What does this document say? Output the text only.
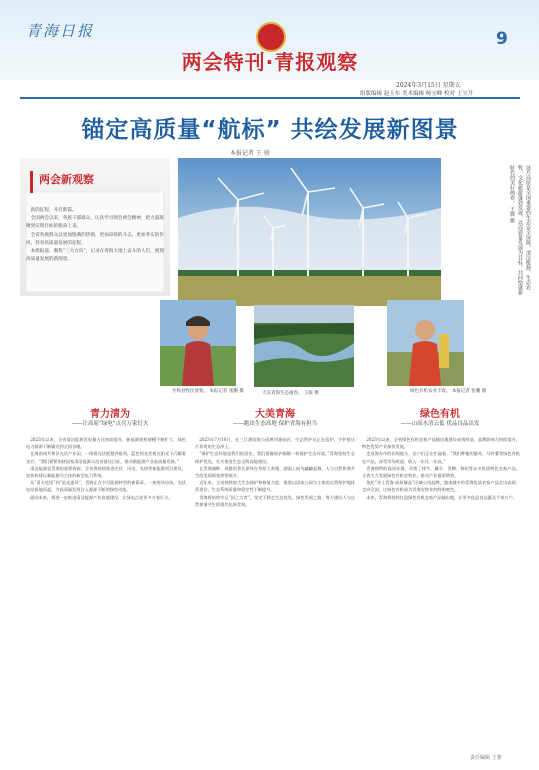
青海日报	9
两会特刊·青报观察
2024年3月15日 星期五
组版编辑 赵玉东 美术编辑 杨宝峰 校对 王宝升
锚定高质量“航标” 共绘发展新图景
本报记者 王 骏
两会新观察

新的征程，开启新篇。

全国两会以来，各族干部群众，认真学习领会两会精神，把力量凝聚到实现目标的使命上来。

全省各族群众以更加饱满的热情、更加昂扬的斗志、更加务实的作风，投身高质量发展的征程。

本组报道，聚焦“三大方向”，记录在青海大地上奋斗的人们，展现高质量发展的新图景。	这片高原是全国重要的生态安全屏障，清洁能源、生态农牧、文化旅游蓬勃发展，以高质量发展为目标，共同绘就新时代的美好画卷。 王骏 摄
共和县牧民放牧。 本报记者 张鹏 摄	大美青海生态画卷。 王骏 摄	绿色有机农业丰收。 本报记者 张鹏 摄
青力清为
——让高原“绿电”点亮万家灯火

2023年以来，全省清洁能源发电量占比持续提升，新能源装机规模不断扩大，绿色电力源源不断输送到全国各地。

在海南州共和县光伏产业园，一排排光伏板整齐排列，蓝色的光伏板在阳光下闪耀着光芒。“我们紧紧围绕国家清洁能源示范省建设目标，推动新能源产业高质量发展。”

清洁能源是青海的重要资源，全省将持续推进光伏、风电、光热等新能源项目建设，加快构建以新能源为主体的新型电力系统。

从“看天吃饭”到“追光逐风”，青海正在书写能源转型的新篇章。一座座风电场、光伏电站拔地而起，为高质量发展注入源源不断的绿色动能。

面向未来，将进一步推进清洁能源产业高地建设，让绿电点亮更多万家灯火。

大美青海
——跑出生态高地 保护青海有担当

2023年7月10日，在三江源国家公园黄河源园区，生态管护员正在巡护，守护着这片珍贵的生态净土。

“保护生态环境是我们的责任，我们要像保护眼睛一样保护生态环境。”青海坚持生态保护优先，扎实推进生态文明高地建设。

在青海湖畔，成群的普氏原羚在草原上奔跑，湖面上候鸟翩翩起舞，人与自然和谐共生的美丽画卷徐徐展开。

近年来，全省持续加大生态保护和修复力度，推进以国家公园为主体的自然保护地体系建设，生态系统质量和稳定性不断提升。

青海将始终牢记“国之大者”，坚定不移走生态优先、绿色发展之路，努力建设人与自然和谐共生的现代化新青海。

绿色有机
——山高水清云低 优品良品出发

2023年以来，全省绿色有机农畜产品输出地建设成效明显，品牌影响力持续提升，特色优势产业加快发展。

走进海东市的田间地头，农户们正在忙碌着。“我们种植的藜麦、马铃薯等绿色有机农产品，深受市场欢迎，收入一年比一年高。”

青海独特的高原环境，孕育了牦牛、藏羊、青稞、枸杞等众多优质特色农畜产品。全省大力发展绿色有机农牧业，推动产业提质增效。

依托“净土青海·高原臻品”区域公用品牌，越来越多的青海优质农畜产品走出高原、走向全国，让绿色有机成为青海农牧业的鲜明底色。

未来，青海将持续打造绿色有机农畜产品输出地，让更多优品良品惠及千家万户。

责任编辑 王骏
